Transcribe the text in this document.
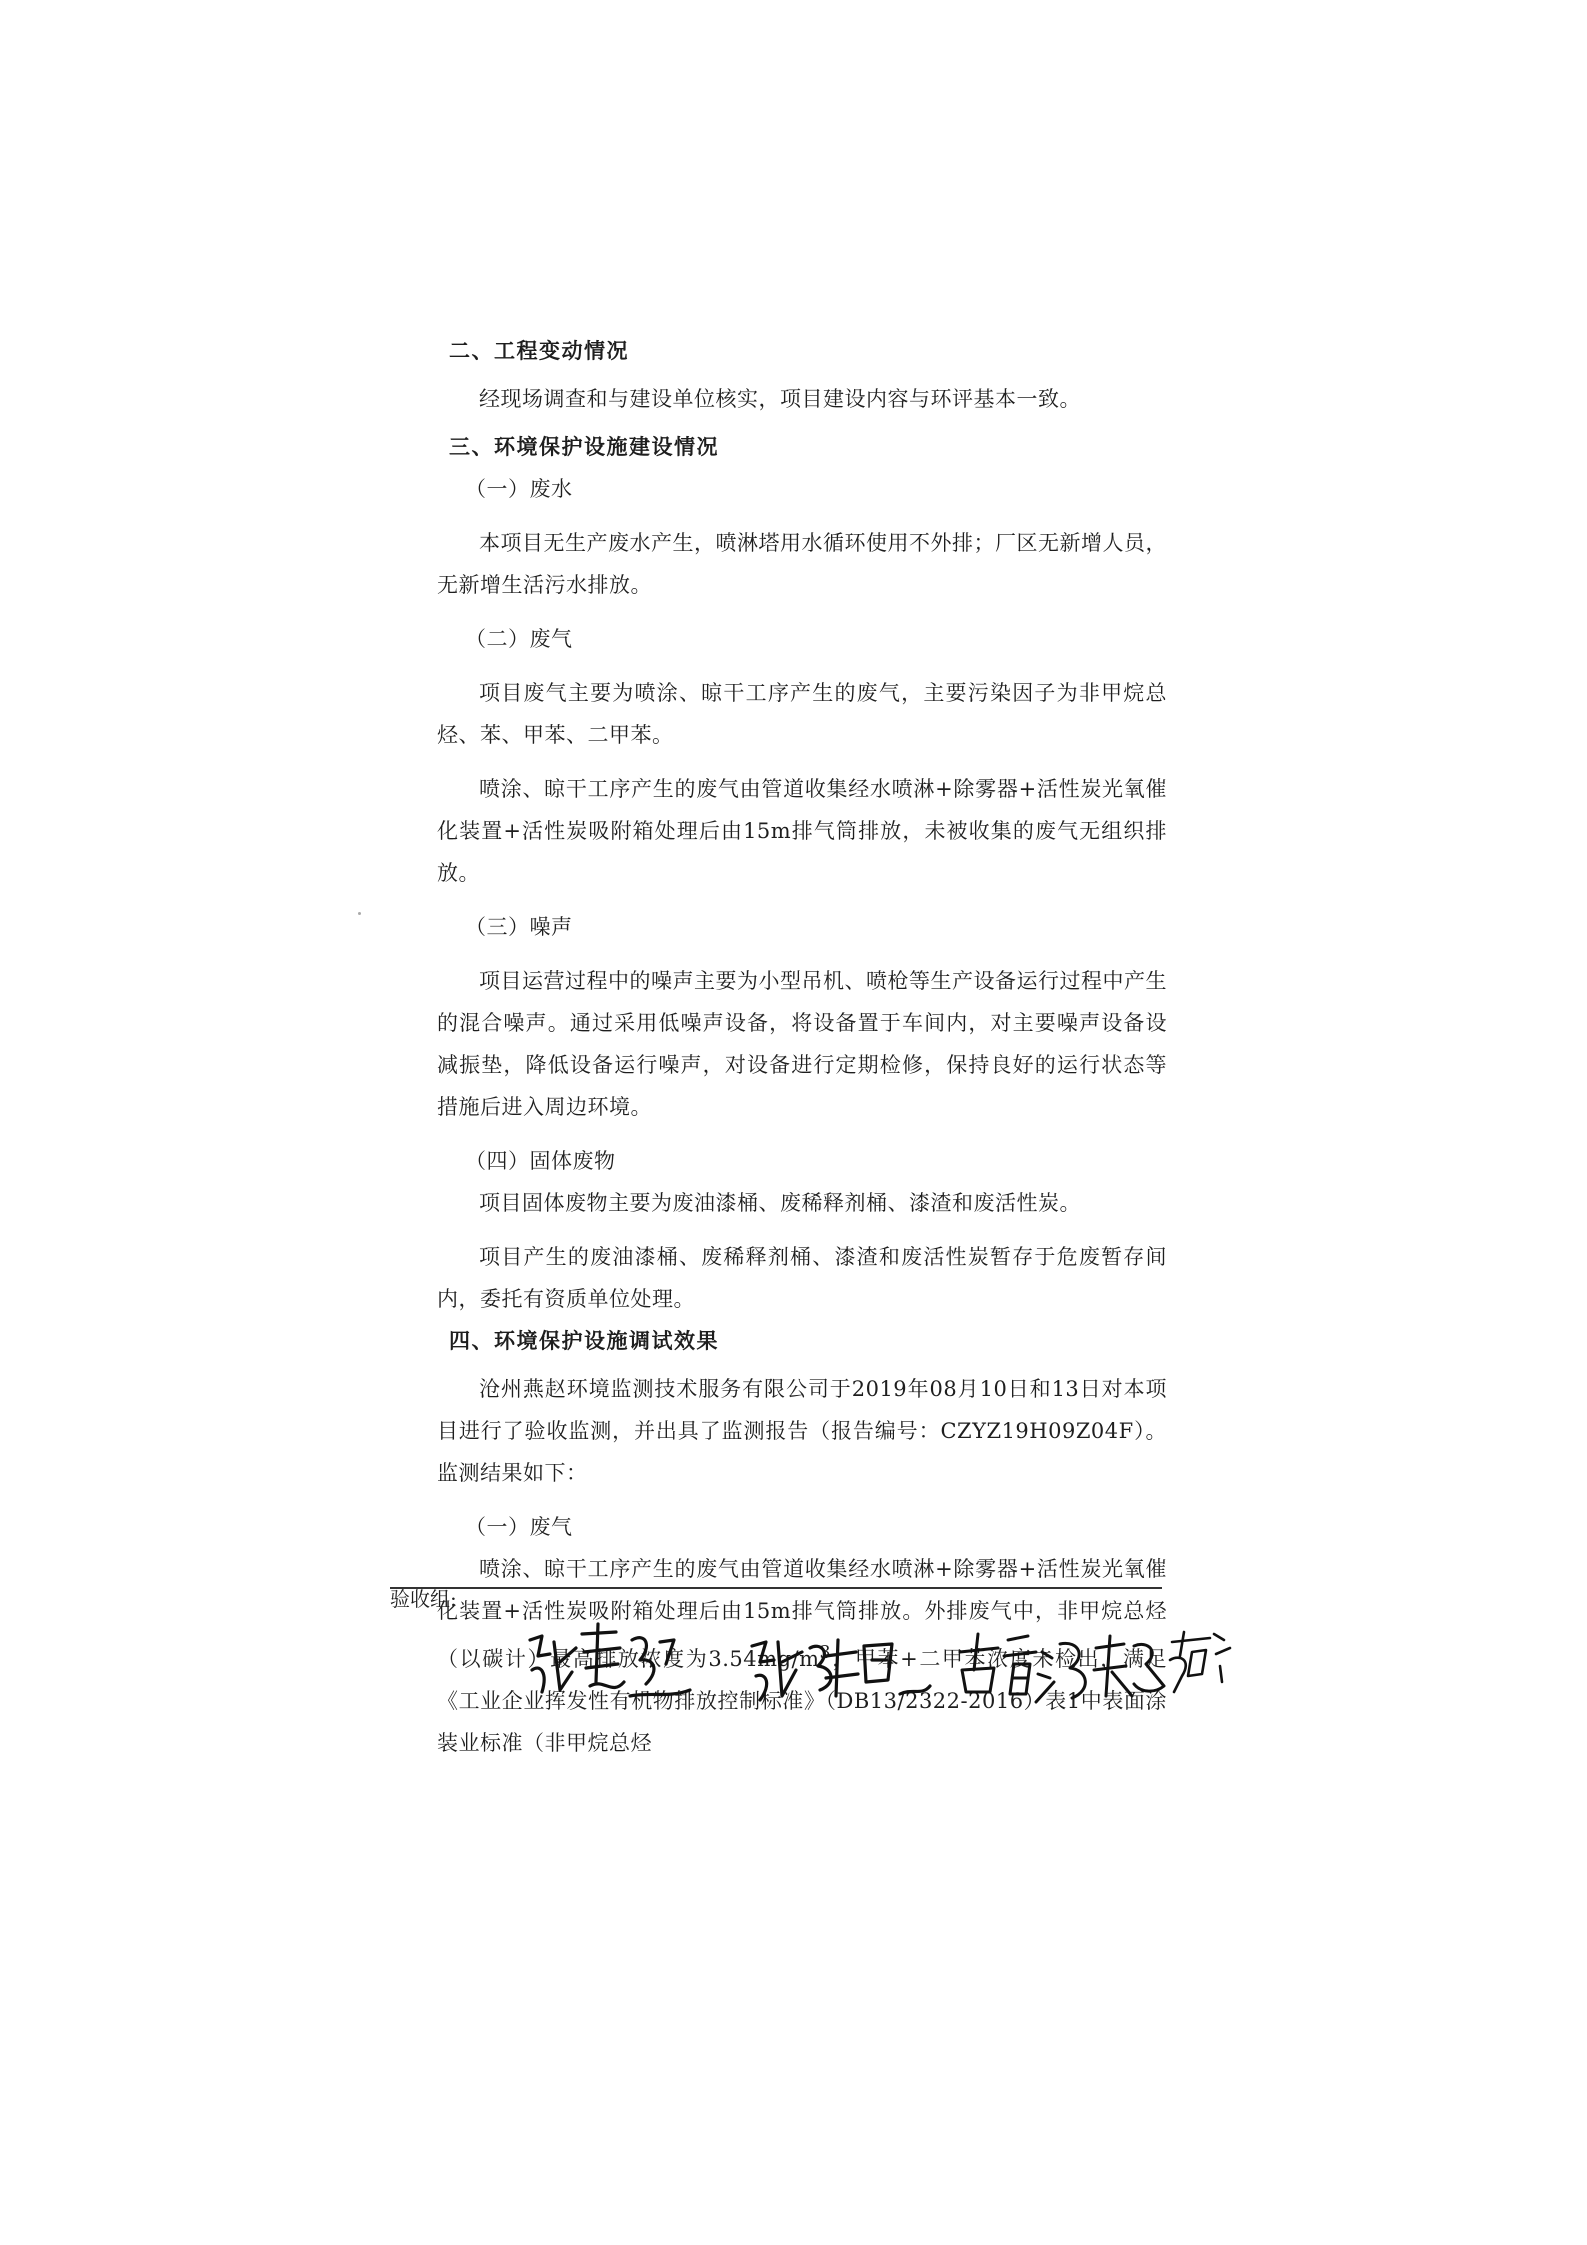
二、工程变动情况

经现场调查和与建设单位核实，项目建设内容与环评基本一致。

三、环境保护设施建设情况

（一）废水

本项目无生产废水产生，喷淋塔用水循环使用不外排；厂区无新增人员，无新增生活污水排放。

（二）废气

项目废气主要为喷涂、晾干工序产生的废气，主要污染因子为非甲烷总烃、苯、甲苯、二甲苯。

喷涂、晾干工序产生的废气由管道收集经水喷淋+除雾器+活性炭光氧催化装置+活性炭吸附箱处理后由15m排气筒排放，未被收集的废气无组织排放。

（三）噪声

项目运营过程中的噪声主要为小型吊机、喷枪等生产设备运行过程中产生的混合噪声。通过采用低噪声设备，将设备置于车间内，对主要噪声设备设减振垫，降低设备运行噪声，对设备进行定期检修，保持良好的运行状态等措施后进入周边环境。

（四）固体废物

项目固体废物主要为废油漆桶、废稀释剂桶、漆渣和废活性炭。

项目产生的废油漆桶、废稀释剂桶、漆渣和废活性炭暂存于危废暂存间内，委托有资质单位处理。

四、环境保护设施调试效果

沧州燕赵环境监测技术服务有限公司于2019年08月10日和13日对本项目进行了验收监测，并出具了监测报告（报告编号：CZYZ19H09Z04F）。监测结果如下：

（一）废气

喷涂、晾干工序产生的废气由管道收集经水喷淋+除雾器+活性炭光氧催化装置+活性炭吸附箱处理后由15m排气筒排放。外排废气中，非甲烷总烃（以碳计）最高排放浓度为$3.54mg/m^3$，甲苯+二甲苯浓度未检出，满足《工业企业挥发性有机物排放控制标准》（DB13/2322-2016）表1中表面涂装业标准（非甲烷总烃

验收组:
